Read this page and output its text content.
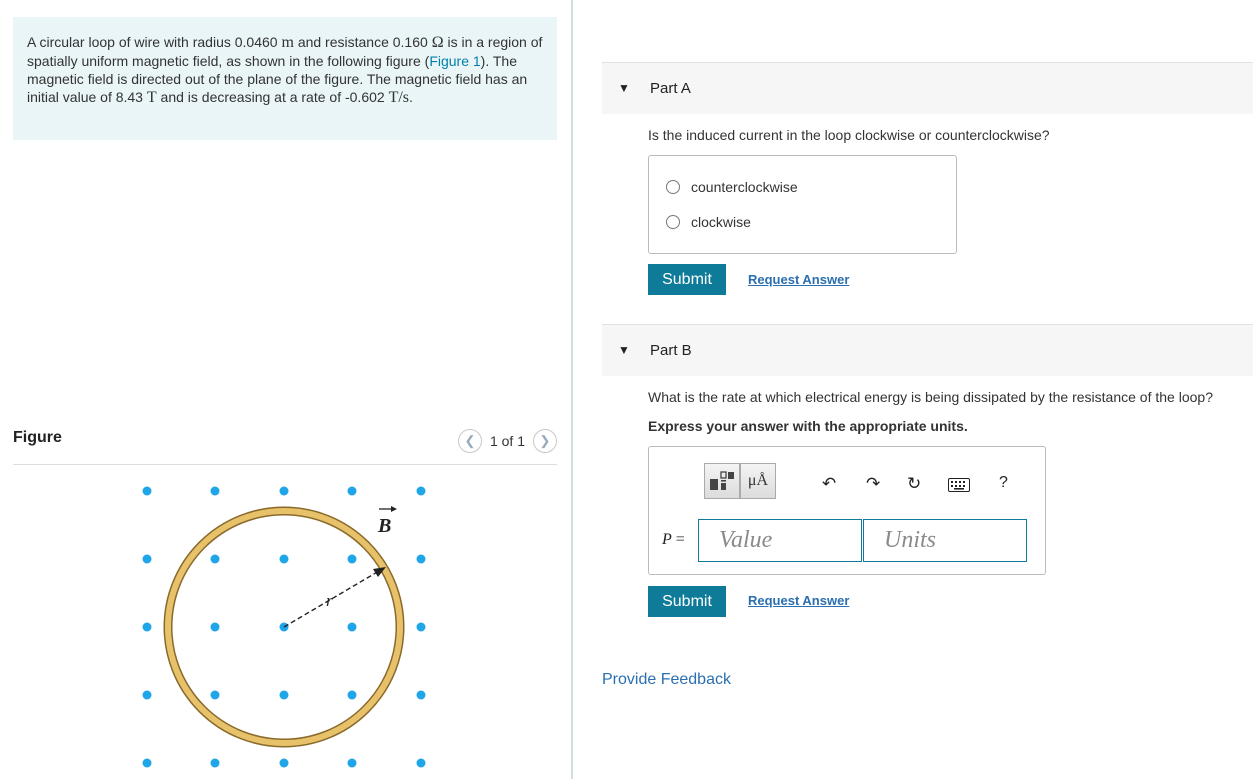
A circular loop of wire with radius 0.0460 m and resistance 0.160 Ω is in a region of spatially uniform magnetic field, as shown in the following figure (Figure 1). The magnetic field is directed out of the plane of the figure. The magnetic field has an initial value of 8.43 T and is decreasing at a rate of -0.602 T/s.
Figure	❮	1 of 1	❯
r
B
▼ Part A
Is the induced current in the loop clockwise or counterclockwise?
counterclockwise
clockwise
Submit	Request Answer
▼ Part B
What is the rate at which electrical energy is being dissipated by the resistance of the loop?
Express your answer with the appropriate units.
μÅ	↶ ↷ ↻	?
P =
Value
Units
Submit	Request Answer
Provide Feedback
